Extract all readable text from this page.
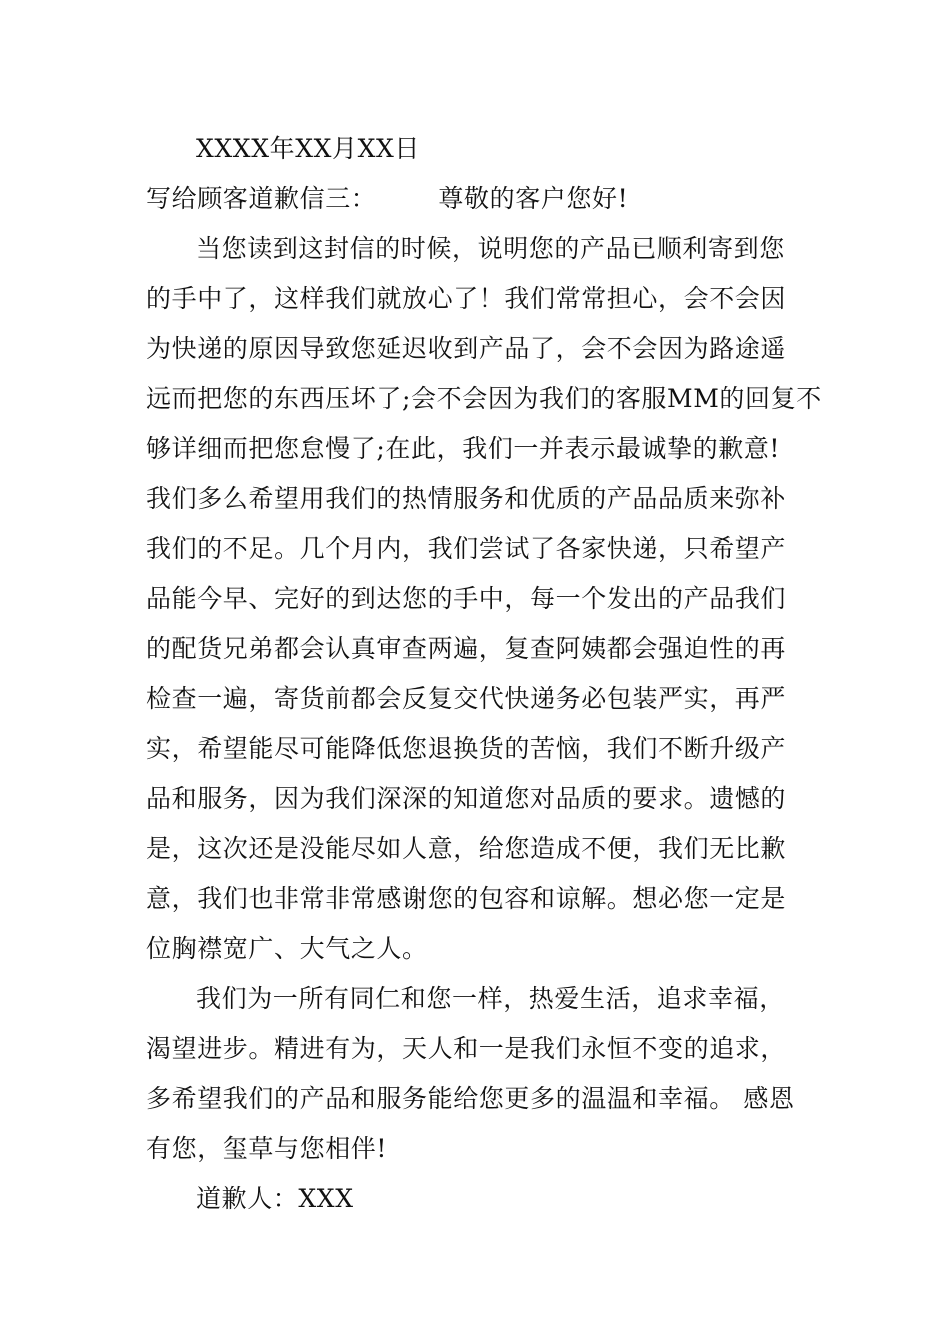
XXXX年XX月XX日
写给顾客道歉信三： 尊敬的客户您好!
当您读到这封信的时候，说明您的产品已顺利寄到您
的手中了，这样我们就放心了！我们常常担心，会不会因
为快递的原因导致您延迟收到产品了，会不会因为路途遥
远而把您的东西压坏了;会不会因为我们的客服MM的回复不
够详细而把您怠慢了;在此，我们一并表示最诚挚的歉意!
我们多么希望用我们的热情服务和优质的产品品质来弥补
我们的不足。几个月内，我们尝试了各家快递，只希望产
品能今早、完好的到达您的手中，每一个发出的产品我们
的配货兄弟都会认真审查两遍，复查阿姨都会强迫性的再
检查一遍，寄货前都会反复交代快递务必包装严实，再严
实，希望能尽可能降低您退换货的苦恼，我们不断升级产
品和服务，因为我们深深的知道您对品质的要求。遗憾的
是，这次还是没能尽如人意，给您造成不便，我们无比歉
意，我们也非常非常感谢您的包容和谅解。想必您一定是
位胸襟宽广、大气之人。
我们为一所有同仁和您一样，热爱生活，追求幸福，
渴望进步。精进有为，天人和一是我们永恒不变的追求，
多希望我们的产品和服务能给您更多的温温和幸福。 感恩
有您，玺草与您相伴!
道歉人：XXX
